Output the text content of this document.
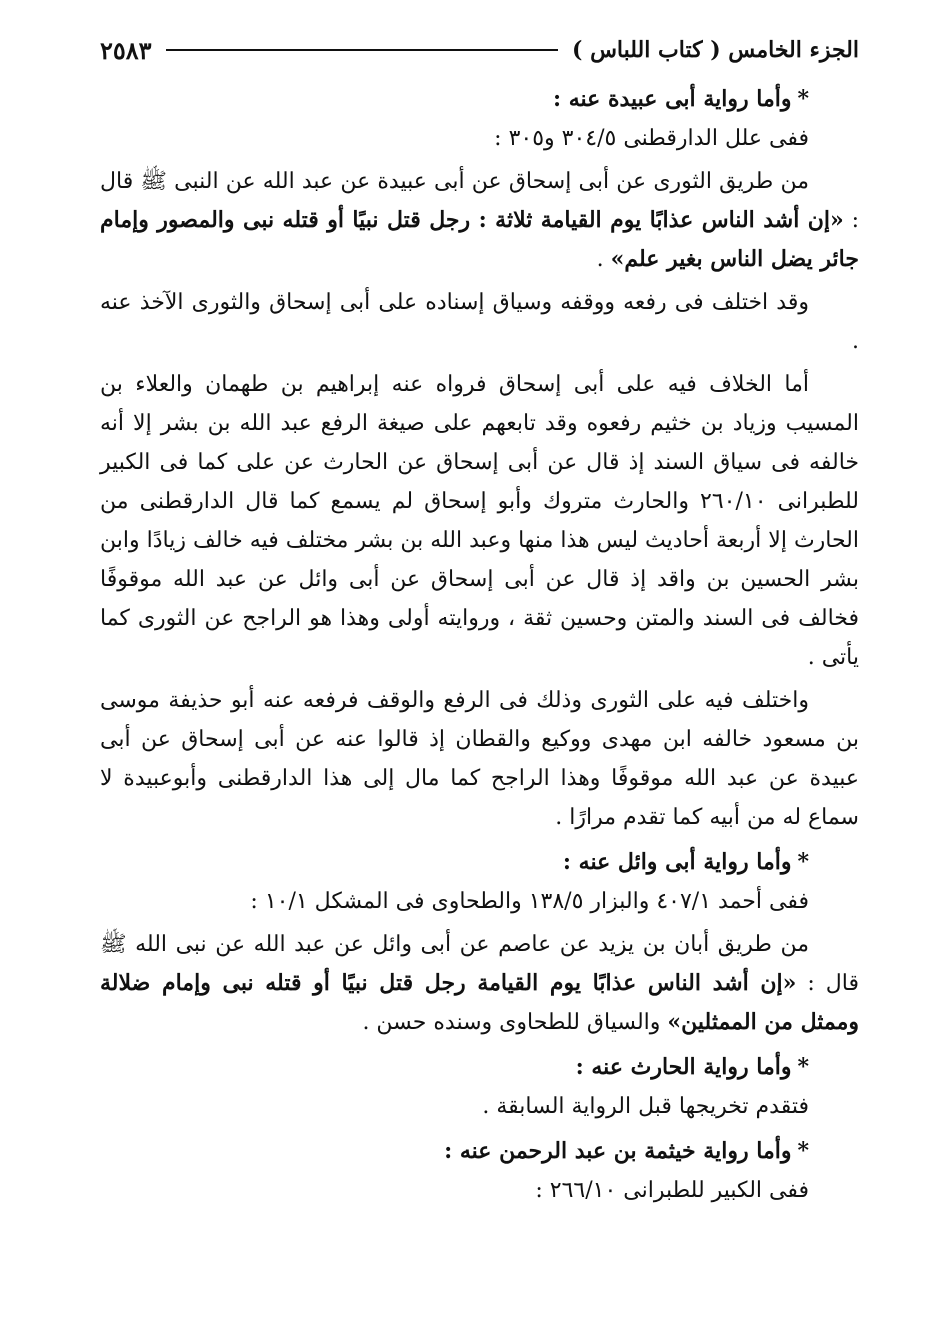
الجزء الخامس ( كتاب اللباس )
٢٥٨٣
*وأما رواية أبى عبيدة عنه :
ففى علل الدارقطنى ٣٠٤/٥ و٣٠٥ :
من طريق الثورى عن أبى إسحاق عن أبى عبيدة عن عبد الله عن النبى ﷺ قال : «إن أشد الناس عذابًا يوم القيامة ثلاثة : رجل قتل نبيًا أو قتله نبى والمصور وإمام جائر يضل الناس بغير علم» .
وقد اختلف فى رفعه ووقفه وسياق إسناده على أبى إسحاق والثورى الآخذ عنه .
أما الخلاف فيه على أبى إسحاق فرواه عنه إبراهيم بن طهمان والعلاء بن المسيب وزياد بن خثيم رفعوه وقد تابعهم على صيغة الرفع عبد الله بن بشر إلا أنه خالفه فى سياق السند إذ قال عن أبى إسحاق عن الحارث عن على كما فى الكبير للطبرانى ٢٦٠/١٠ والحارث متروك وأبو إسحاق لم يسمع كما قال الدارقطنى من الحارث إلا أربعة أحاديث ليس هذا منها وعبد الله بن بشر مختلف فيه خالف زيادًا وابن بشر الحسين بن واقد إذ قال عن أبى إسحاق عن أبى وائل عن عبد الله موقوفًا فخالف فى السند والمتن وحسين ثقة ، وروايته أولى وهذا هو الراجح عن الثورى كما يأتى .
واختلف فيه على الثورى وذلك فى الرفع والوقف فرفعه عنه أبو حذيفة موسى بن مسعود خالفه ابن مهدى ووكيع والقطان إذ قالوا عنه عن أبى إسحاق عن أبى عبيدة عن عبد الله موقوفًا وهذا الراجح كما مال إلى هذا الدارقطنى وأبوعبيدة لا سماع له من أبيه كما تقدم مرارًا .
*وأما رواية أبى وائل عنه :
ففى أحمد ٤٠٧/١ والبزار ١٣٨/٥ والطحاوى فى المشكل ١٠/١ :
من طريق أبان بن يزيد عن عاصم عن أبى وائل عن عبد الله عن نبى الله ﷺ قال : «إن أشد الناس عذابًا يوم القيامة رجل قتل نبيًا أو قتله نبى وإمام ضلالة وممثل من الممثلين» والسياق للطحاوى وسنده حسن .
*وأما رواية الحارث عنه :
فتقدم تخريجها قبل الرواية السابقة .
*وأما رواية خيثمة بن عبد الرحمن عنه :
ففى الكبير للطبرانى ٢٦٦/١٠ :
